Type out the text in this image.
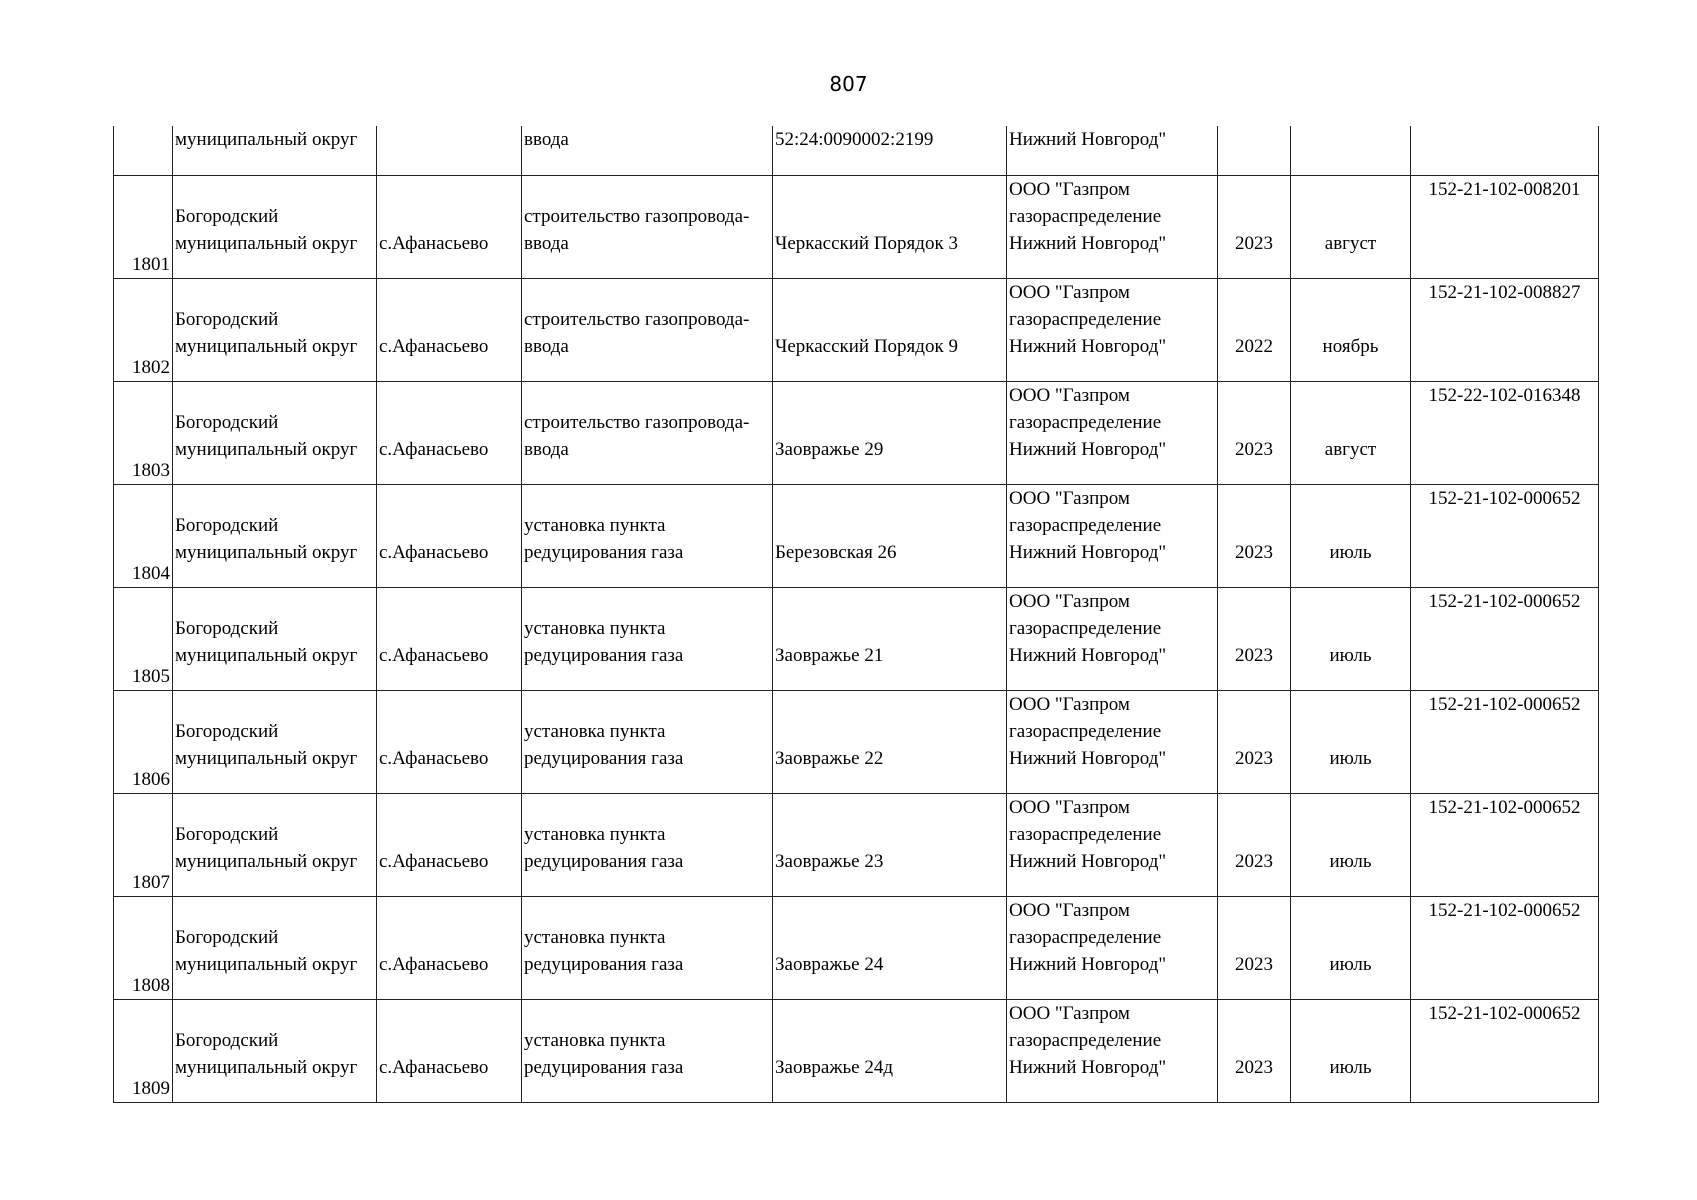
807
	муниципальный округ		ввода	52:24:0090002:2199	Нижний Новгород"			

1801	Богородский
муниципальный округ	с.Афанасьево	строительство газопровода-
ввода	Черкасский Порядок 3	ООО "Газпром
газораспределение
Нижний Новгород"	2023	август	152-21-102-008201

1802	Богородский
муниципальный округ	с.Афанасьево	строительство газопровода-
ввода	Черкасский Порядок 9	ООО "Газпром
газораспределение
Нижний Новгород"	2022	ноябрь	152-21-102-008827

1803	Богородский
муниципальный округ	с.Афанасьево	строительство газопровода-
ввода	Заовражье 29	ООО "Газпром
газораспределение
Нижний Новгород"	2023	август	152-22-102-016348

1804	Богородский
муниципальный округ	с.Афанасьево	установка пункта
редуцирования газа	Березовская 26	ООО "Газпром
газораспределение
Нижний Новгород"	2023	июль	152-21-102-000652

1805	Богородский
муниципальный округ	с.Афанасьево	установка пункта
редуцирования газа	Заовражье 21	ООО "Газпром
газораспределение
Нижний Новгород"	2023	июль	152-21-102-000652

1806	Богородский
муниципальный округ	с.Афанасьево	установка пункта
редуцирования газа	Заовражье 22	ООО "Газпром
газораспределение
Нижний Новгород"	2023	июль	152-21-102-000652

1807	Богородский
муниципальный округ	с.Афанасьево	установка пункта
редуцирования газа	Заовражье 23	ООО "Газпром
газораспределение
Нижний Новгород"	2023	июль	152-21-102-000652

1808	Богородский
муниципальный округ	с.Афанасьево	установка пункта
редуцирования газа	Заовражье 24	ООО "Газпром
газораспределение
Нижний Новгород"	2023	июль	152-21-102-000652

1809	Богородский
муниципальный округ	с.Афанасьево	установка пункта
редуцирования газа	Заовражье 24д	ООО "Газпром
газораспределение
Нижний Новгород"	2023	июль	152-21-102-000652
